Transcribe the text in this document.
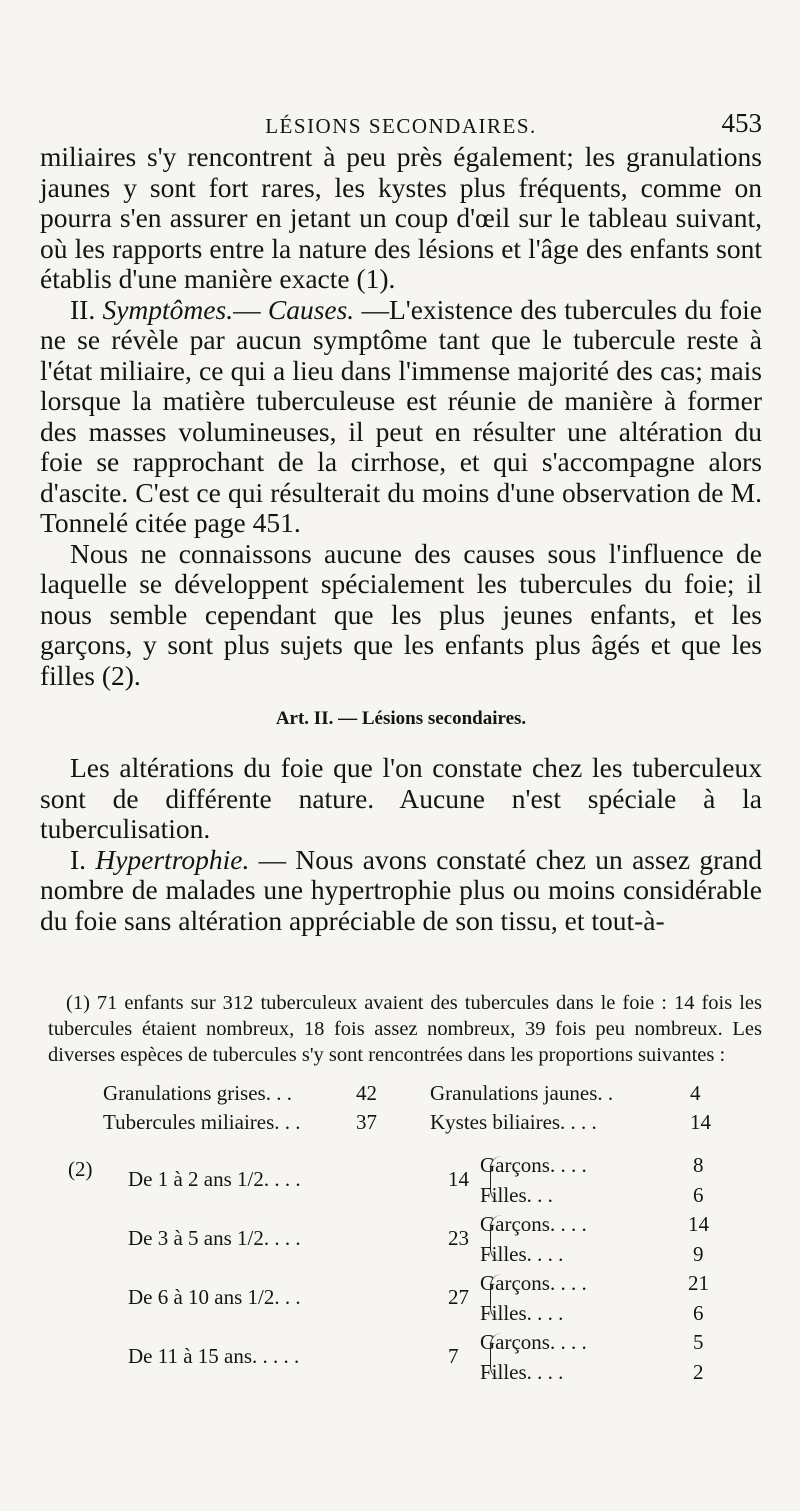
LÉSIONS SECONDAIRES.	453

miliaires s'y rencontrent à peu près également; les granulations jaunes y sont fort rares, les kystes plus fréquents, comme on pourra s'en assurer en jetant un coup d'œil sur le tableau suivant, où les rapports entre la nature des lésions et l'âge des enfants sont établis d'une manière exacte (1).

II. Symptômes.— Causes. —L'existence des tubercules du foie ne se révèle par aucun symptôme tant que le tubercule reste à l'état miliaire, ce qui a lieu dans l'immense majorité des cas; mais lorsque la matière tuberculeuse est réunie de manière à former des masses volumineuses, il peut en résulter une altération du foie se rapprochant de la cirrhose, et qui s'accompagne alors d'ascite. C'est ce qui résulterait du moins d'une observation de M. Tonnelé citée page 451.

Nous ne connaissons aucune des causes sous l'influence de laquelle se développent spécialement les tubercules du foie; il nous semble cependant que les plus jeunes enfants, et les garçons, y sont plus sujets que les enfants plus âgés et que les filles (2).

Art. II. — Lésions secondaires.

Les altérations du foie que l'on constate chez les tuberculeux sont de différente nature. Aucune n'est spéciale à la tuberculisation.

I. Hypertrophie. — Nous avons constaté chez un assez grand nombre de malades une hypertrophie plus ou moins considérable du foie sans altération appréciable de son tissu, et tout-à-

(1) 71 enfants sur 312 tuberculeux avaient des tubercules dans le foie : 14 fois les tubercules étaient nombreux, 18 fois assez nombreux, 39 fois peu nombreux. Les diverses espèces de tubercules s'y sont rencontrées dans les proportions suivantes :

Granulations grises. . .	42	Granulations jaunes. .	4
Tubercules miliaires. . .	37	Kystes biliaires. . . .	14
(2) De 1 à 2 ans 1/2. . . .	14
Garçons. . . .	8
Filles. . .	6
De 3 à 5 ans 1/2. . . .	23
Garçons. . . .	14
Filles. . . .	9
De 6 à 10 ans 1/2. . .	27
Garçons. . . .	21
Filles. . . .	6
De 11 à 15 ans. . . . .	7
Garçons. . . .	5
Filles. . . .	2
